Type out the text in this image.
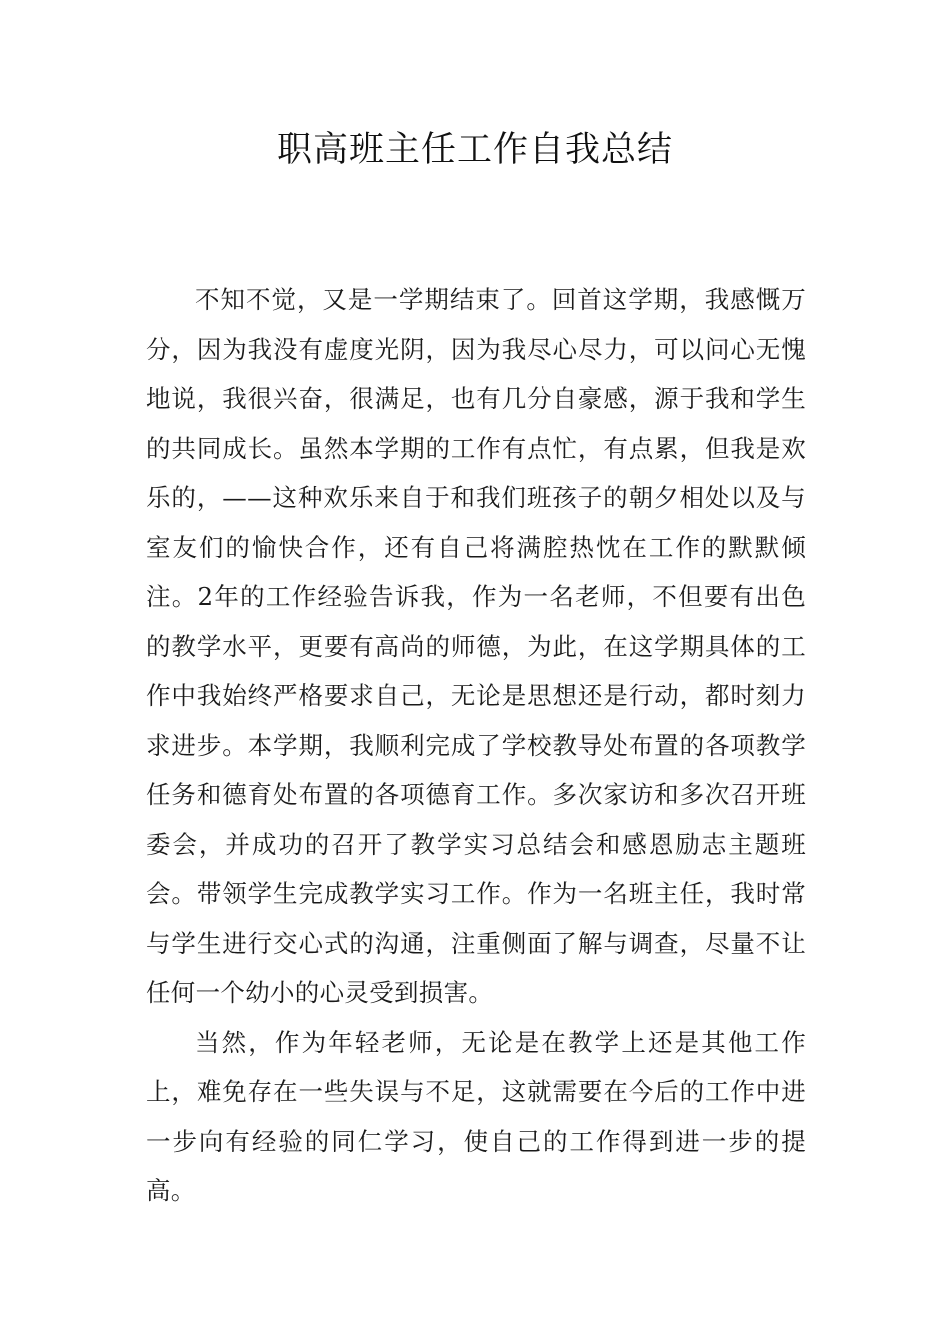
职高班主任工作自我总结

不知不觉，又是一学期结束了。回首这学期，我感慨万分，因为我没有虚度光阴，因为我尽心尽力，可以问心无愧地说，我很兴奋，很满足，也有几分自豪感，源于我和学生的共同成长。虽然本学期的工作有点忙，有点累，但我是欢乐的，——这种欢乐来自于和我们班孩子的朝夕相处以及与室友们的愉快合作，还有自己将满腔热忱在工作的默默倾注。2年的工作经验告诉我，作为一名老师，不但要有出色的教学水平，更要有高尚的师德，为此，在这学期具体的工作中我始终严格要求自己，无论是思想还是行动，都时刻力求进步。本学期，我顺利完成了学校教导处布置的各项教学任务和德育处布置的各项德育工作。多次家访和多次召开班委会，并成功的召开了教学实习总结会和感恩励志主题班会。带领学生完成教学实习工作。作为一名班主任，我时常与学生进行交心式的沟通，注重侧面了解与调查，尽量不让任何一个幼小的心灵受到损害。

当然，作为年轻老师，无论是在教学上还是其他工作上，难免存在一些失误与不足，这就需要在今后的工作中进一步向有经验的同仁学习，使自己的工作得到进一步的提高。
